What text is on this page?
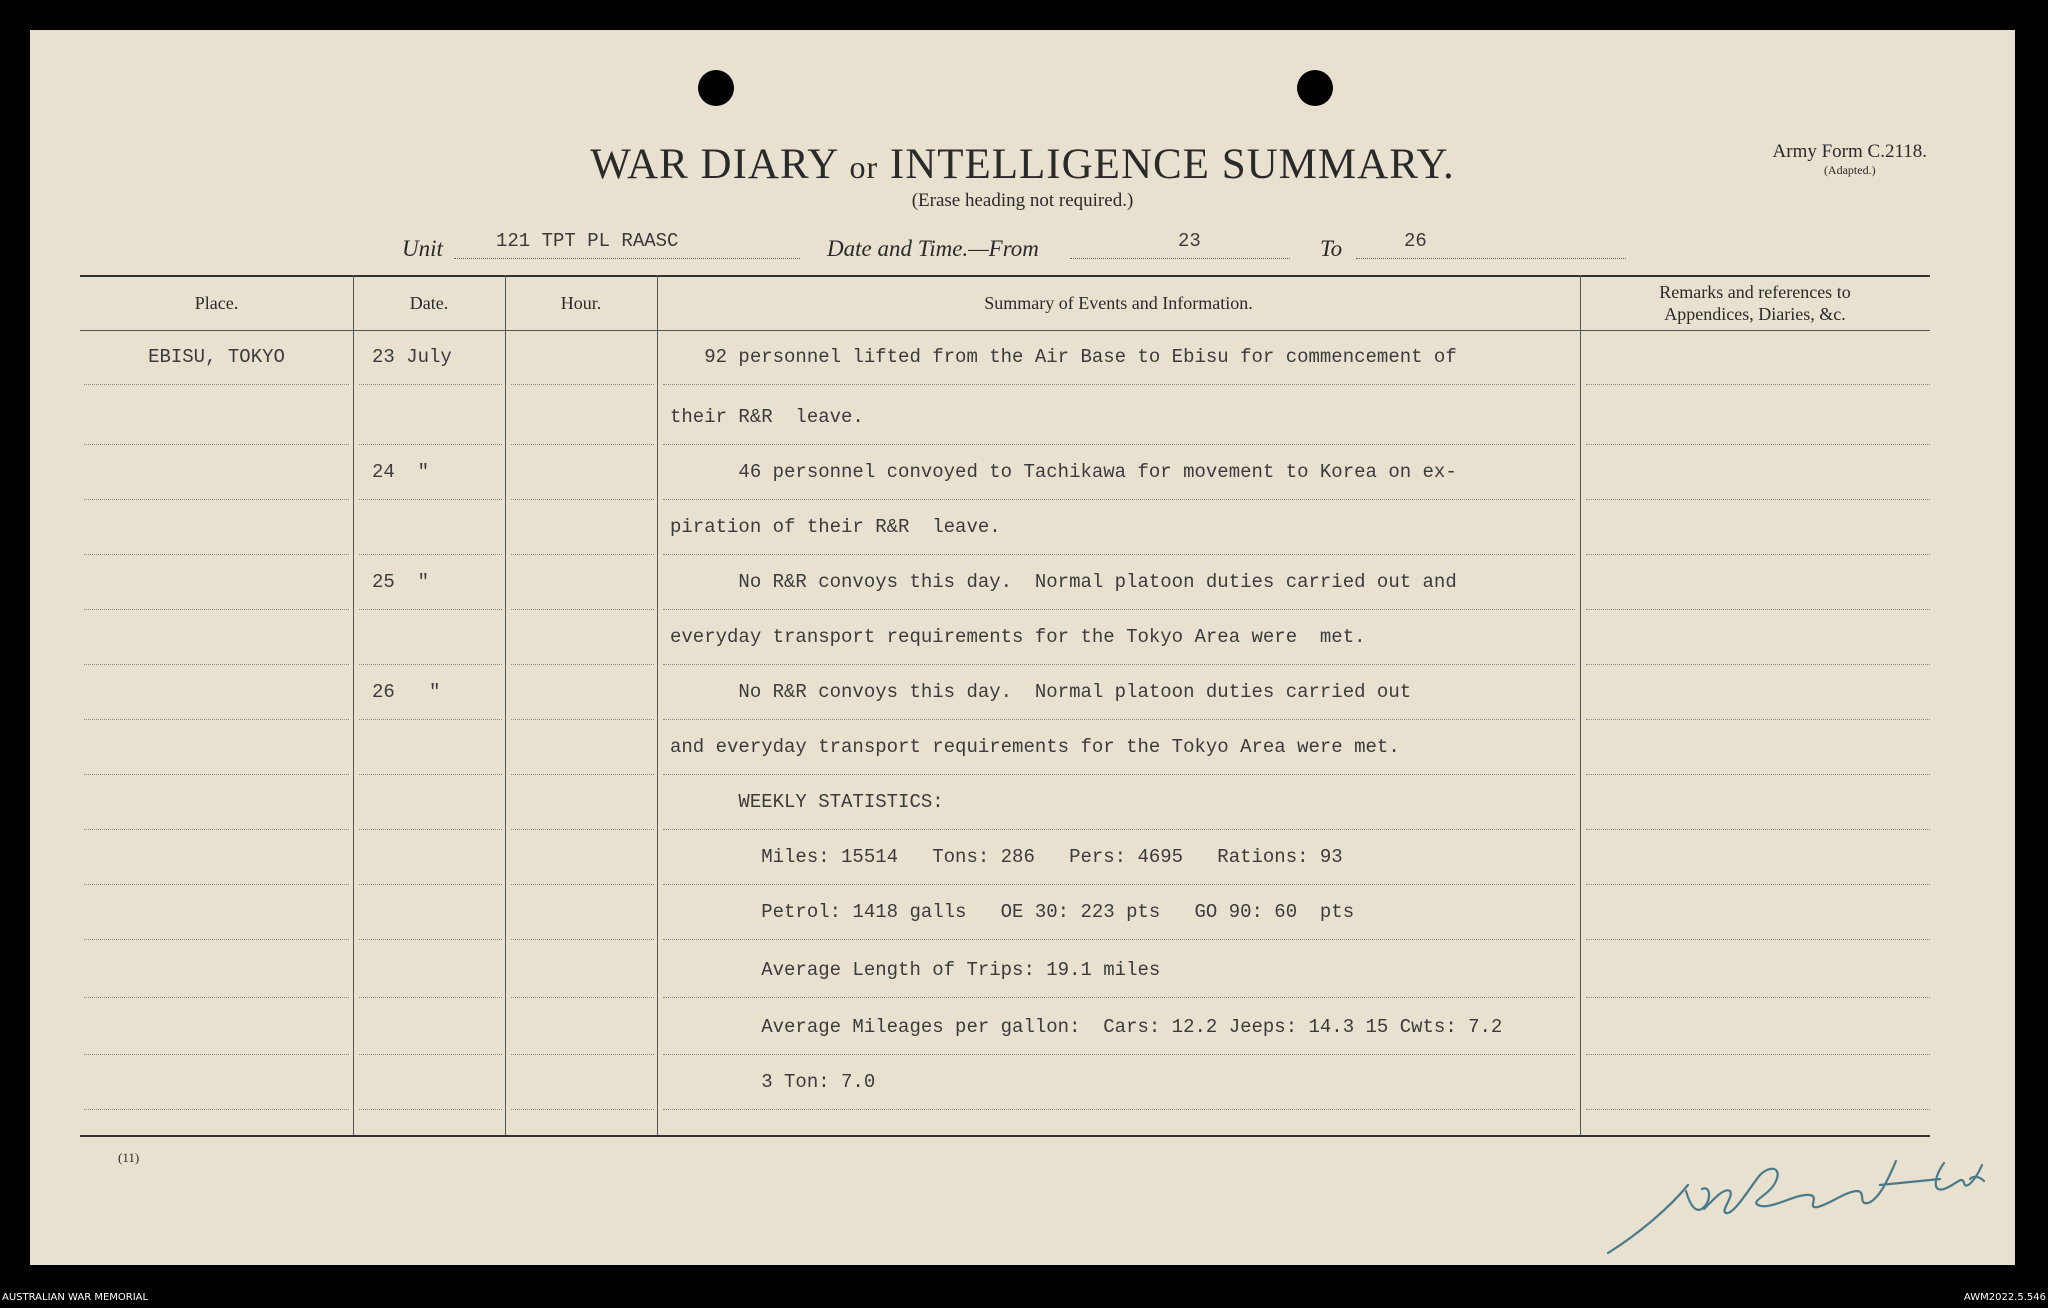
WAR DIARY or INTELLIGENCE SUMMARY.
(Erase heading not required.)
Army Form C.2118.
(Adapted.)
Unit	121 TPT PL RAASC	Date and Time.—From	23	To	26
Place.	Date.	Hour.	Summary of Events and Information.
Remarks and references to
Appendices, Diaries, &c.
EBISU, TOKYO	23 July	92 personnel lifted from the Air Base to Ebisu for commencement of
their R&R  leave.
24  "	46 personnel convoyed to Tachikawa for movement to Korea on ex-
piration of their R&R  leave.
25  "	No R&R convoys this day.  Normal platoon duties carried out and
everyday transport requirements for the Tokyo Area were  met.
26   "	No R&R convoys this day.  Normal platoon duties carried out
and everyday transport requirements for the Tokyo Area were met.
WEEKLY STATISTICS:
Miles: 15514   Tons: 286   Pers: 4695   Rations: 93
Petrol: 1418 galls   OE 30: 223 pts   GO 90: 60  pts
Average Length of Trips: 19.1 miles
Average Mileages per gallon:  Cars: 12.2 Jeeps: 14.3 15 Cwts: 7.2
3 Ton: 7.0
(11)
AUSTRALIAN WAR MEMORIAL	AWM2022.5.546
